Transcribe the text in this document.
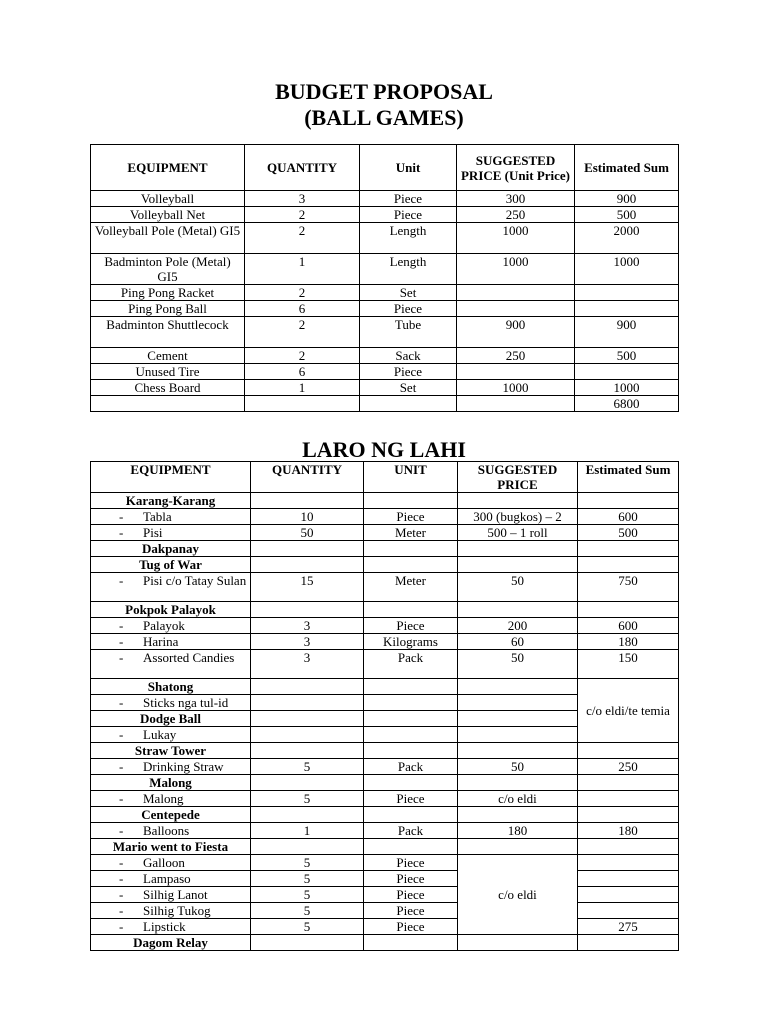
BUDGET PROPOSAL
(BALL GAMES)
EQUIPMENT	QUANTITY	Unit	SUGGESTED PRICE (Unit Price)	Estimated Sum
Volleyball	3	Piece	300	900
Volleyball Net	2	Piece	250	500
Volleyball Pole (Metal) GI5	2	Length	1000	2000
Badminton Pole (Metal) GI5	1	Length	1000	1000
Ping Pong Racket	2	Set		
Ping Pong Ball	6	Piece		
Badminton Shuttlecock	2	Tube	900	900
Cement	2	Sack	250	500
Unused Tire	6	Piece		
Chess Board	1	Set	1000	1000
				6800
LARO NG LAHI
EQUIPMENT	QUANTITY	UNIT	SUGGESTED PRICE	Estimated Sum
Karang-Karang				

- Tabla	10	Piece	300 (bugkos) – 2	600

- Pisi	50	Meter	500 – 1 roll	500
Dakpanay				
Tug of War				

- Pisi c/o Tatay Sulan	15	Meter	50	750
Pokpok Palayok				

- Palayok	3	Piece	200	600

- Harina	3	Kilograms	60	180

- Assorted Candies	3	Pack	50	150
Shatong				c/o eldi/te temia

- Sticks nga tul-id

Dodge Ball				

- Lukay

Straw Tower				

- Drinking Straw	5	Pack	50	250
Malong				

- Malong	5	Piece	c/o eldi	
Centepede				

- Balloons	1	Pack	180	180
Mario went to Fiesta				

- Galloon	5	Piece	c/o eldi	

- Lampaso	5	Piece		

- Silhig Lanot	5	Piece		

- Silhig Tukog	5	Piece		

- Lipstick	5	Piece		275
Dagom Relay				
